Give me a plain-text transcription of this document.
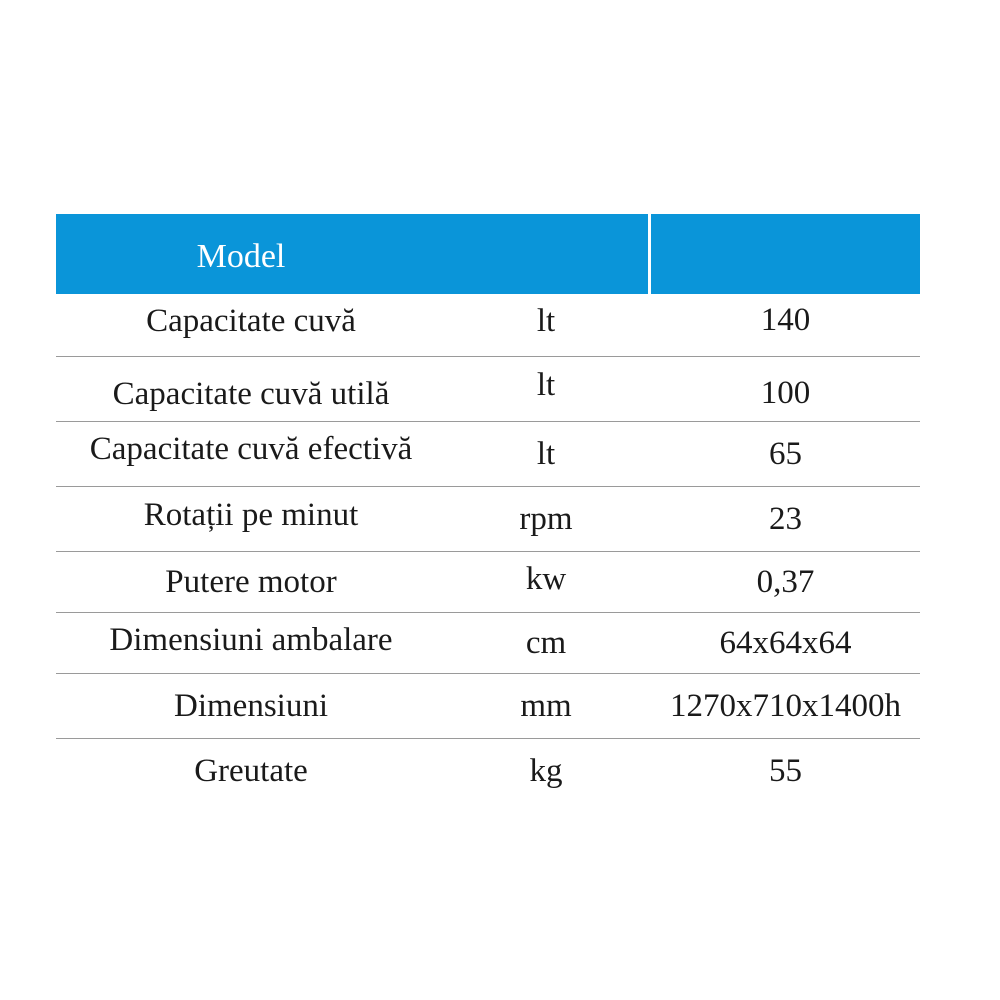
Model
Capacitate cuvă	lt	140
Capacitate cuvă utilă	lt	100
Capacitate cuvă efectivă	lt	65
Rotații pe minut	rpm	23
Putere motor	kw	0,37
Dimensiuni ambalare	cm	64x64x64
Dimensiuni	mm	1270x710x1400h
Greutate	kg	55
